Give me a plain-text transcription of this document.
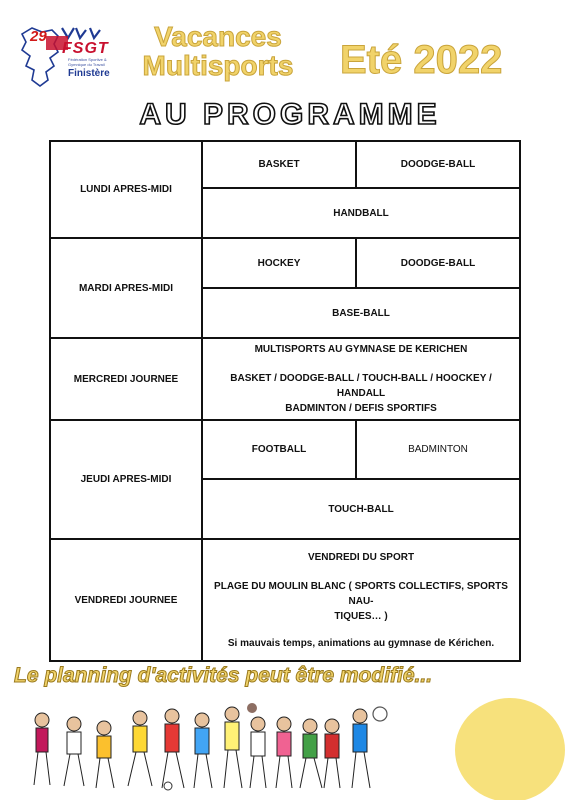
29
FSGT
Fédération Sportive & Gymnique du Travail
Finistère
Vacances Multisports	Eté 2022
AU PROGRAMME
LUNDI APRES-MIDI	BASKET	DOODGE-BALL
	HANDBALL	
MARDI APRES-MIDI	HOCKEY	DOODGE-BALL
	BASE-BALL	
MERCREDI JOURNEE	MULTISPORTS AU GYMNASE DE KERICHEN

BASKET / DOODGE-BALL / TOUCH-BALL / HOOCKEY / HANDALL

BADMINTON / DEFIS SPORTIFS	

JEUDI APRES-MIDI	FOOTBALL	BADMINTON
	TOUCH-BALL	
VENDREDI JOURNEE	VENDREDI DU SPORT

PLAGE DU MOULIN BLANC ( SPORTS COLLECTIFS, SPORTS NAU-

TIQUES… )

Si mauvais temps, animations au gymnase de Kérichen.	

Le planning d'activités peut être modifié...
